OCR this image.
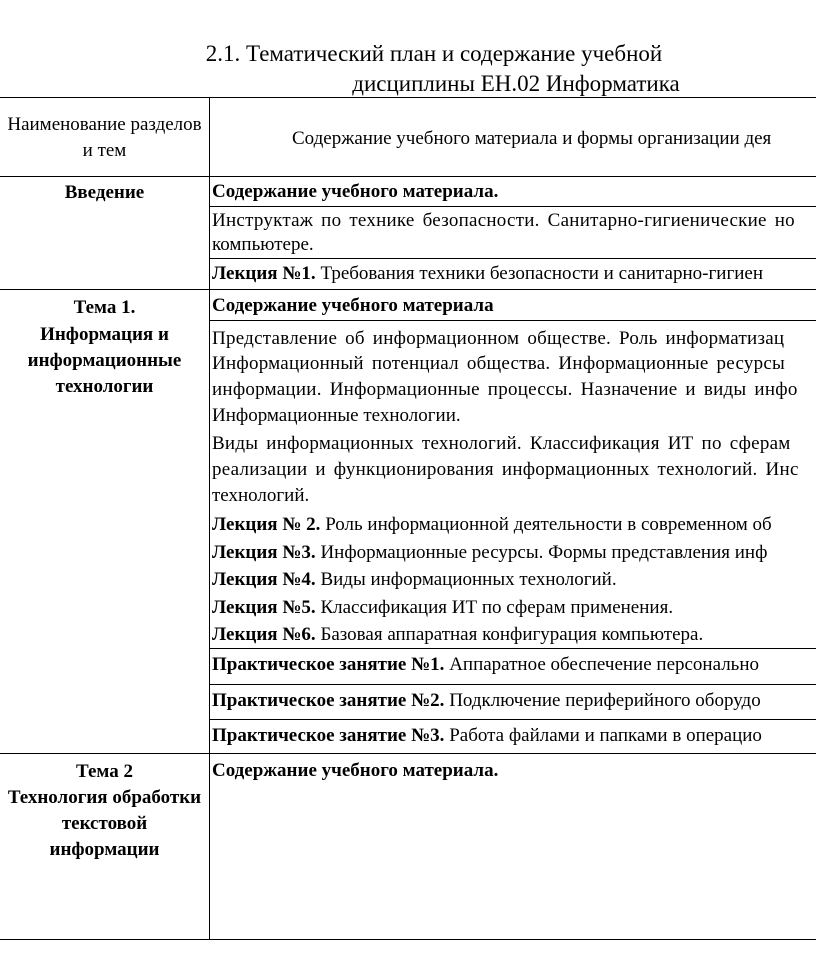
2.1. Тематический план и содержание учебной
дисциплины ЕН.02 Информатика
Наименование разделов
и тем
Содержание учебного материала и формы организации дея
Введение	Содержание учебного материала.
Инструктаж по технике безопасности. Санитарно-гигиенические но
компьютере.
Лекция №1. Требования техники безопасности и санитарно-гигиен
Тема 1.
Информация и
информационные
технологии
Содержание учебного материала
Представление об информационном обществе. Роль информатизац
Информационный потенциал общества. Информационные ресурсы
информации. Информационные процессы. Назначение и виды инфо
Информационные технологии.
Виды информационных технологий. Классификация ИТ по сферам
реализации и функционирования информационных технологий. Инс
технологий.
Лекция № 2. Роль информационной деятельности в современном об
Лекция №3. Информационные ресурсы. Формы представления инф
Лекция №4. Виды информационных технологий.
Лекция №5. Классификация ИТ по сферам применения.
Лекция №6. Базовая аппаратная конфигурация компьютера.
Практическое занятие №1. Аппаратное обеспечение персонально
Практическое занятие №2. Подключение периферийного оборудо
Практическое занятие №3. Работа файлами и папками в операцио
Тема 2
Технология обработки
текстовой
информации
Содержание учебного материала.
